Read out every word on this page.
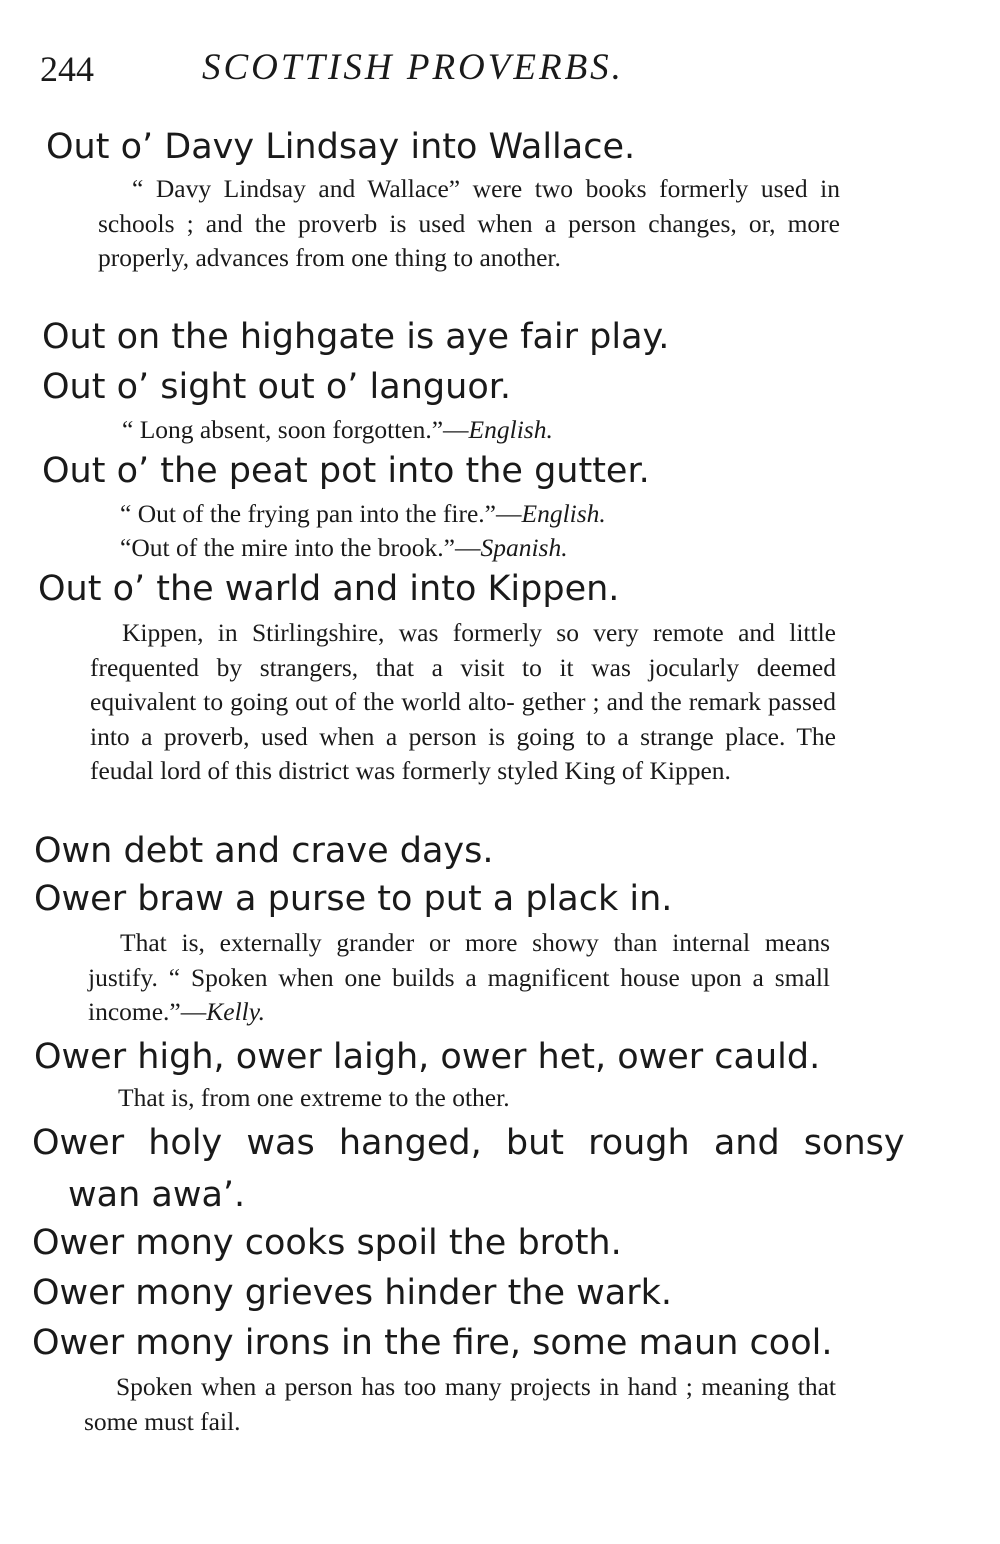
244	SCOTTISH PROVERBS.
Out o’ Davy Lindsay into Wallace.
“ Davy Lindsay and Wallace” were two books formerly used in schools ; and the proverb is used when a person changes, or, more properly, advances from one thing to another.
Out on the highgate is aye fair play.
Out o’ sight out o’ languor.
“ Long absent, soon forgotten.”—English.
Out o’ the peat pot into the gutter.
“ Out of the frying pan into the fire.”—English.
“Out of the mire into the brook.”—Spanish.
Out o’ the warld and into Kippen.
Kippen, in Stirlingshire, was formerly so very remote and little frequented by strangers, that a visit to it was jocularly deemed equivalent to going out of the world alto- gether ; and the remark passed into a proverb, used when a person is going to a strange place. The feudal lord of this district was formerly styled King of Kippen.
Own debt and crave days.
Ower braw a purse to put a plack in.
That is, externally grander or more showy than internal means justify. “ Spoken when one builds a magnificent house upon a small income.”—Kelly.
Ower high, ower laigh, ower het, ower cauld.
That is, from one extreme to the other.
Ower holy was hanged, but rough and sonsy
wan awa’.
Ower mony cooks spoil the broth.
Ower mony grieves hinder the wark.
Ower mony irons in the fire, some maun cool.
Spoken when a person has too many projects in hand ; meaning that some must fail.
